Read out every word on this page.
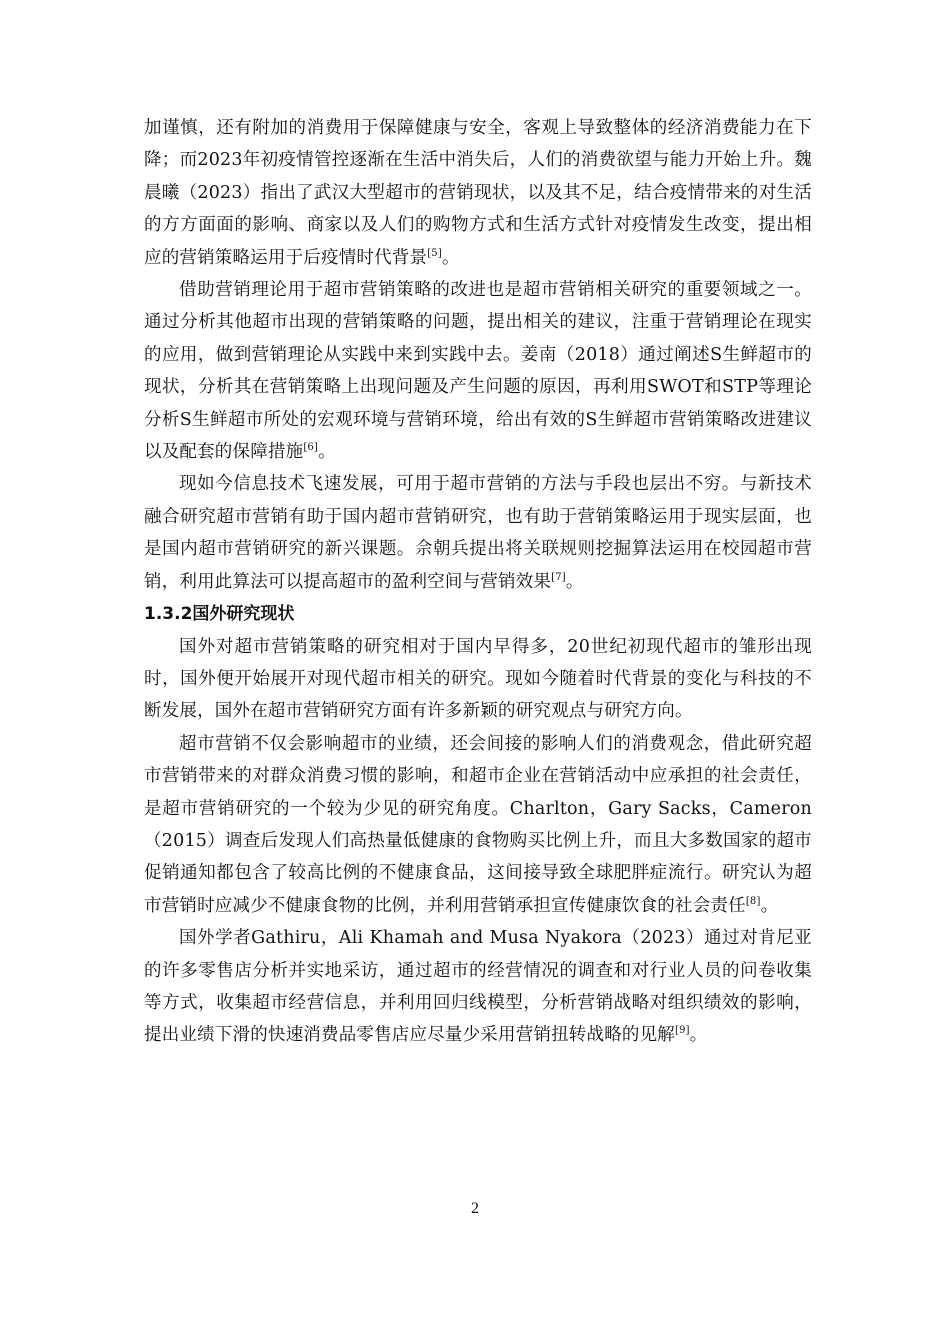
加谨慎，还有附加的消费用于保障健康与安全，客观上导致整体的经济消费能力在下降；而2023年初疫情管控逐渐在生活中消失后，人们的消费欲望与能力开始上升。魏晨曦（2023）指出了武汉大型超市的营销现状，以及其不足，结合疫情带来的对生活的方方面面的影响、商家以及人们的购物方式和生活方式针对疫情发生改变，提出相应的营销策略运用于后疫情时代背景[5]。

借助营销理论用于超市营销策略的改进也是超市营销相关研究的重要领域之一。通过分析其他超市出现的营销策略的问题，提出相关的建议，注重于营销理论在现实的应用，做到营销理论从实践中来到实践中去。姜南（2018）通过阐述S生鲜超市的现状，分析其在营销策略上出现问题及产生问题的原因，再利用SWOT和STP等理论分析S生鲜超市所处的宏观环境与营销环境，给出有效的S生鲜超市营销策略改进建议以及配套的保障措施[6]。

现如今信息技术飞速发展，可用于超市营销的方法与手段也层出不穷。与新技术融合研究超市营销有助于国内超市营销研究，也有助于营销策略运用于现实层面，也是国内超市营销研究的新兴课题。佘朝兵提出将关联规则挖掘算法运用在校园超市营销，利用此算法可以提高超市的盈利空间与营销效果[7]。

1.3.2国外研究现状

国外对超市营销策略的研究相对于国内早得多，20世纪初现代超市的雏形出现时，国外便开始展开对现代超市相关的研究。现如今随着时代背景的变化与科技的不断发展，国外在超市营销研究方面有许多新颖的研究观点与研究方向。

超市营销不仅会影响超市的业绩，还会间接的影响人们的消费观念，借此研究超市营销带来的对群众消费习惯的影响，和超市企业在营销活动中应承担的社会责任，是超市营销研究的一个较为少见的研究角度。Charlton，Gary Sacks，Cameron（2015）调查后发现人们高热量低健康的食物购买比例上升，而且大多数国家的超市促销通知都包含了较高比例的不健康食品，这间接导致全球肥胖症流行。研究认为超市营销时应减少不健康食物的比例，并利用营销承担宣传健康饮食的社会责任[8]。

国外学者Gathiru，Ali Khamah and Musa Nyakora（2023）通过对肯尼亚的许多零售店分析并实地采访，通过超市的经营情况的调查和对行业人员的问卷收集等方式，收集超市经营信息，并利用回归线模型，分析营销战略对组织绩效的影响，提出业绩下滑的快速消费品零售店应尽量少采用营销扭转战略的见解[9]。

2
